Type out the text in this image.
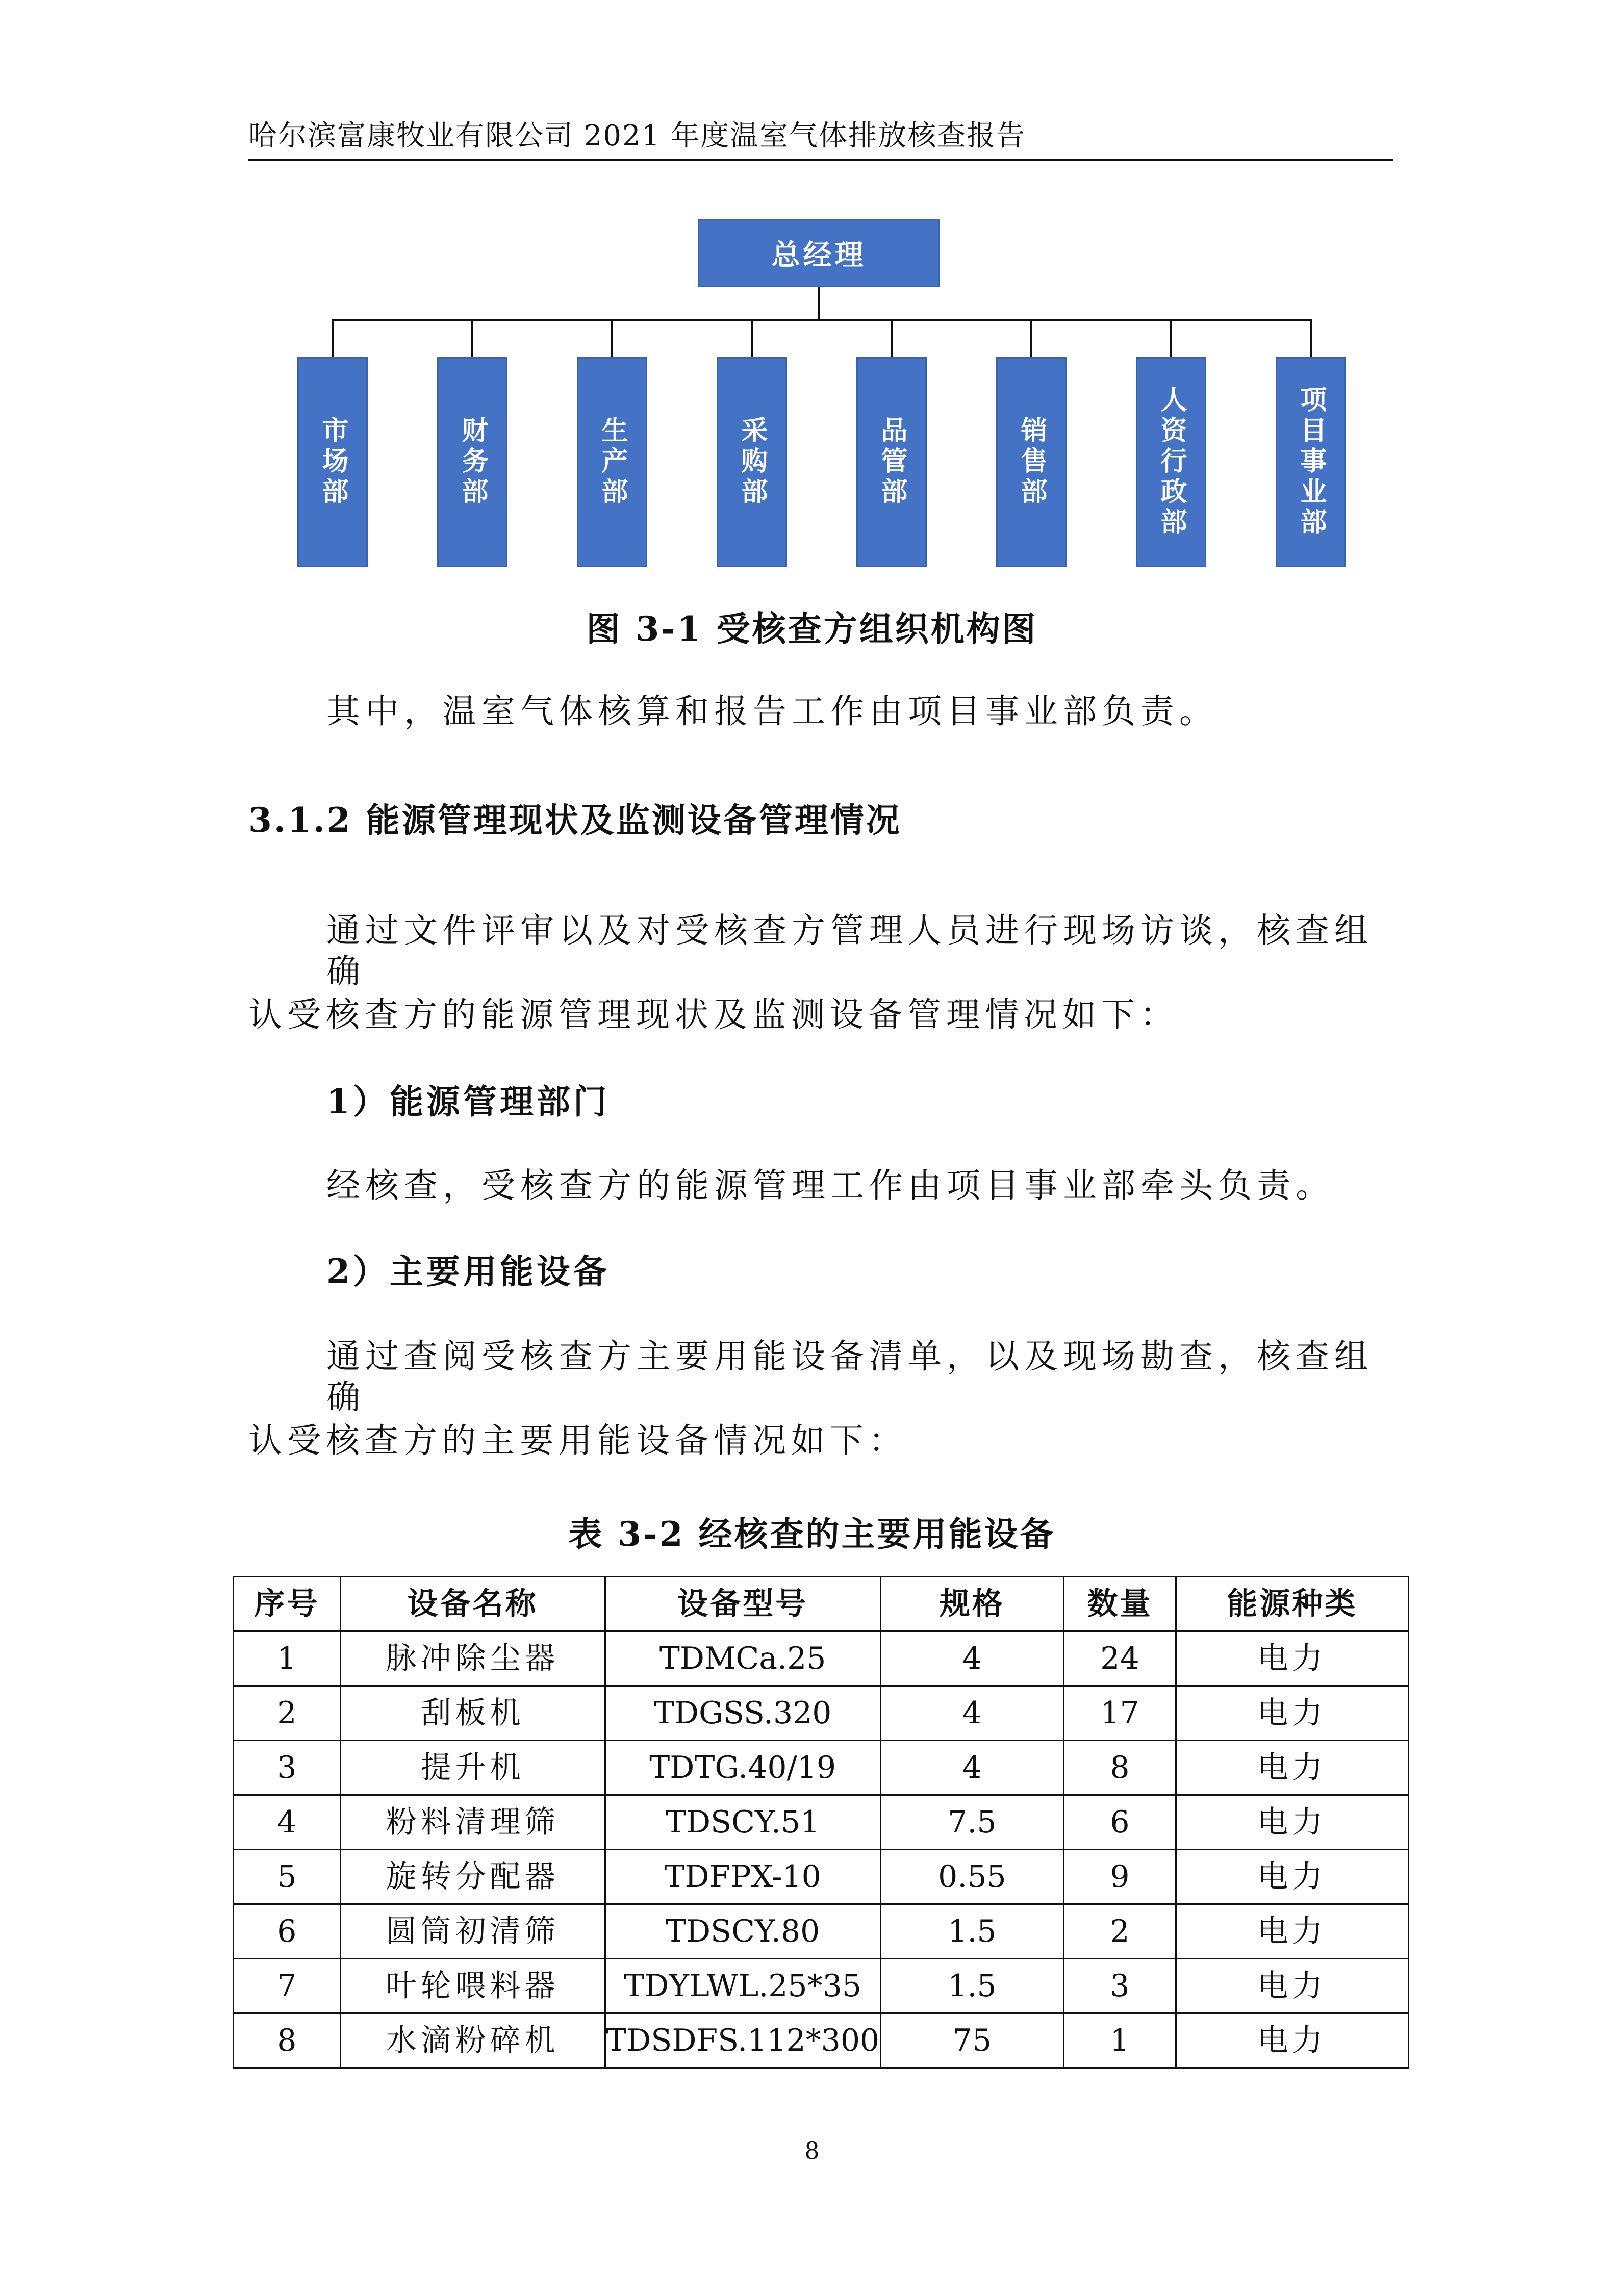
哈尔滨富康牧业有限公司 2021 年度温室气体排放核查报告
总经理
市场部	财务部	生产部	采购部	品管部	销售部	人资行政部	项目事业部
图 3-1 受核查方组织机构图
其中，温室气体核算和报告工作由项目事业部负责。
3.1.2 能源管理现状及监测设备管理情况
通过文件评审以及对受核查方管理人员进行现场访谈，核查组确
认受核查方的能源管理现状及监测设备管理情况如下：
1）能源管理部门
经核查，受核查方的能源管理工作由项目事业部牵头负责。
2）主要用能设备
通过查阅受核查方主要用能设备清单，以及现场勘查，核查组确
认受核查方的主要用能设备情况如下：
表 3-2 经核查的主要用能设备
序号	设备名称	设备型号	规格	数量	能源种类
1	脉冲除尘器	TDMCa.25	4	24	电力
2	刮板机	TDGSS.320	4	17	电力
3	提升机	TDTG.40/19	4	8	电力
4	粉料清理筛	TDSCY.51	7.5	6	电力
5	旋转分配器	TDFPX-10	0.55	9	电力
6	圆筒初清筛	TDSCY.80	1.5	2	电力
7	叶轮喂料器	TDYLWL.25*35	1.5	3	电力
8	水滴粉碎机	TDSDFS.112*300	75	1	电力
8
